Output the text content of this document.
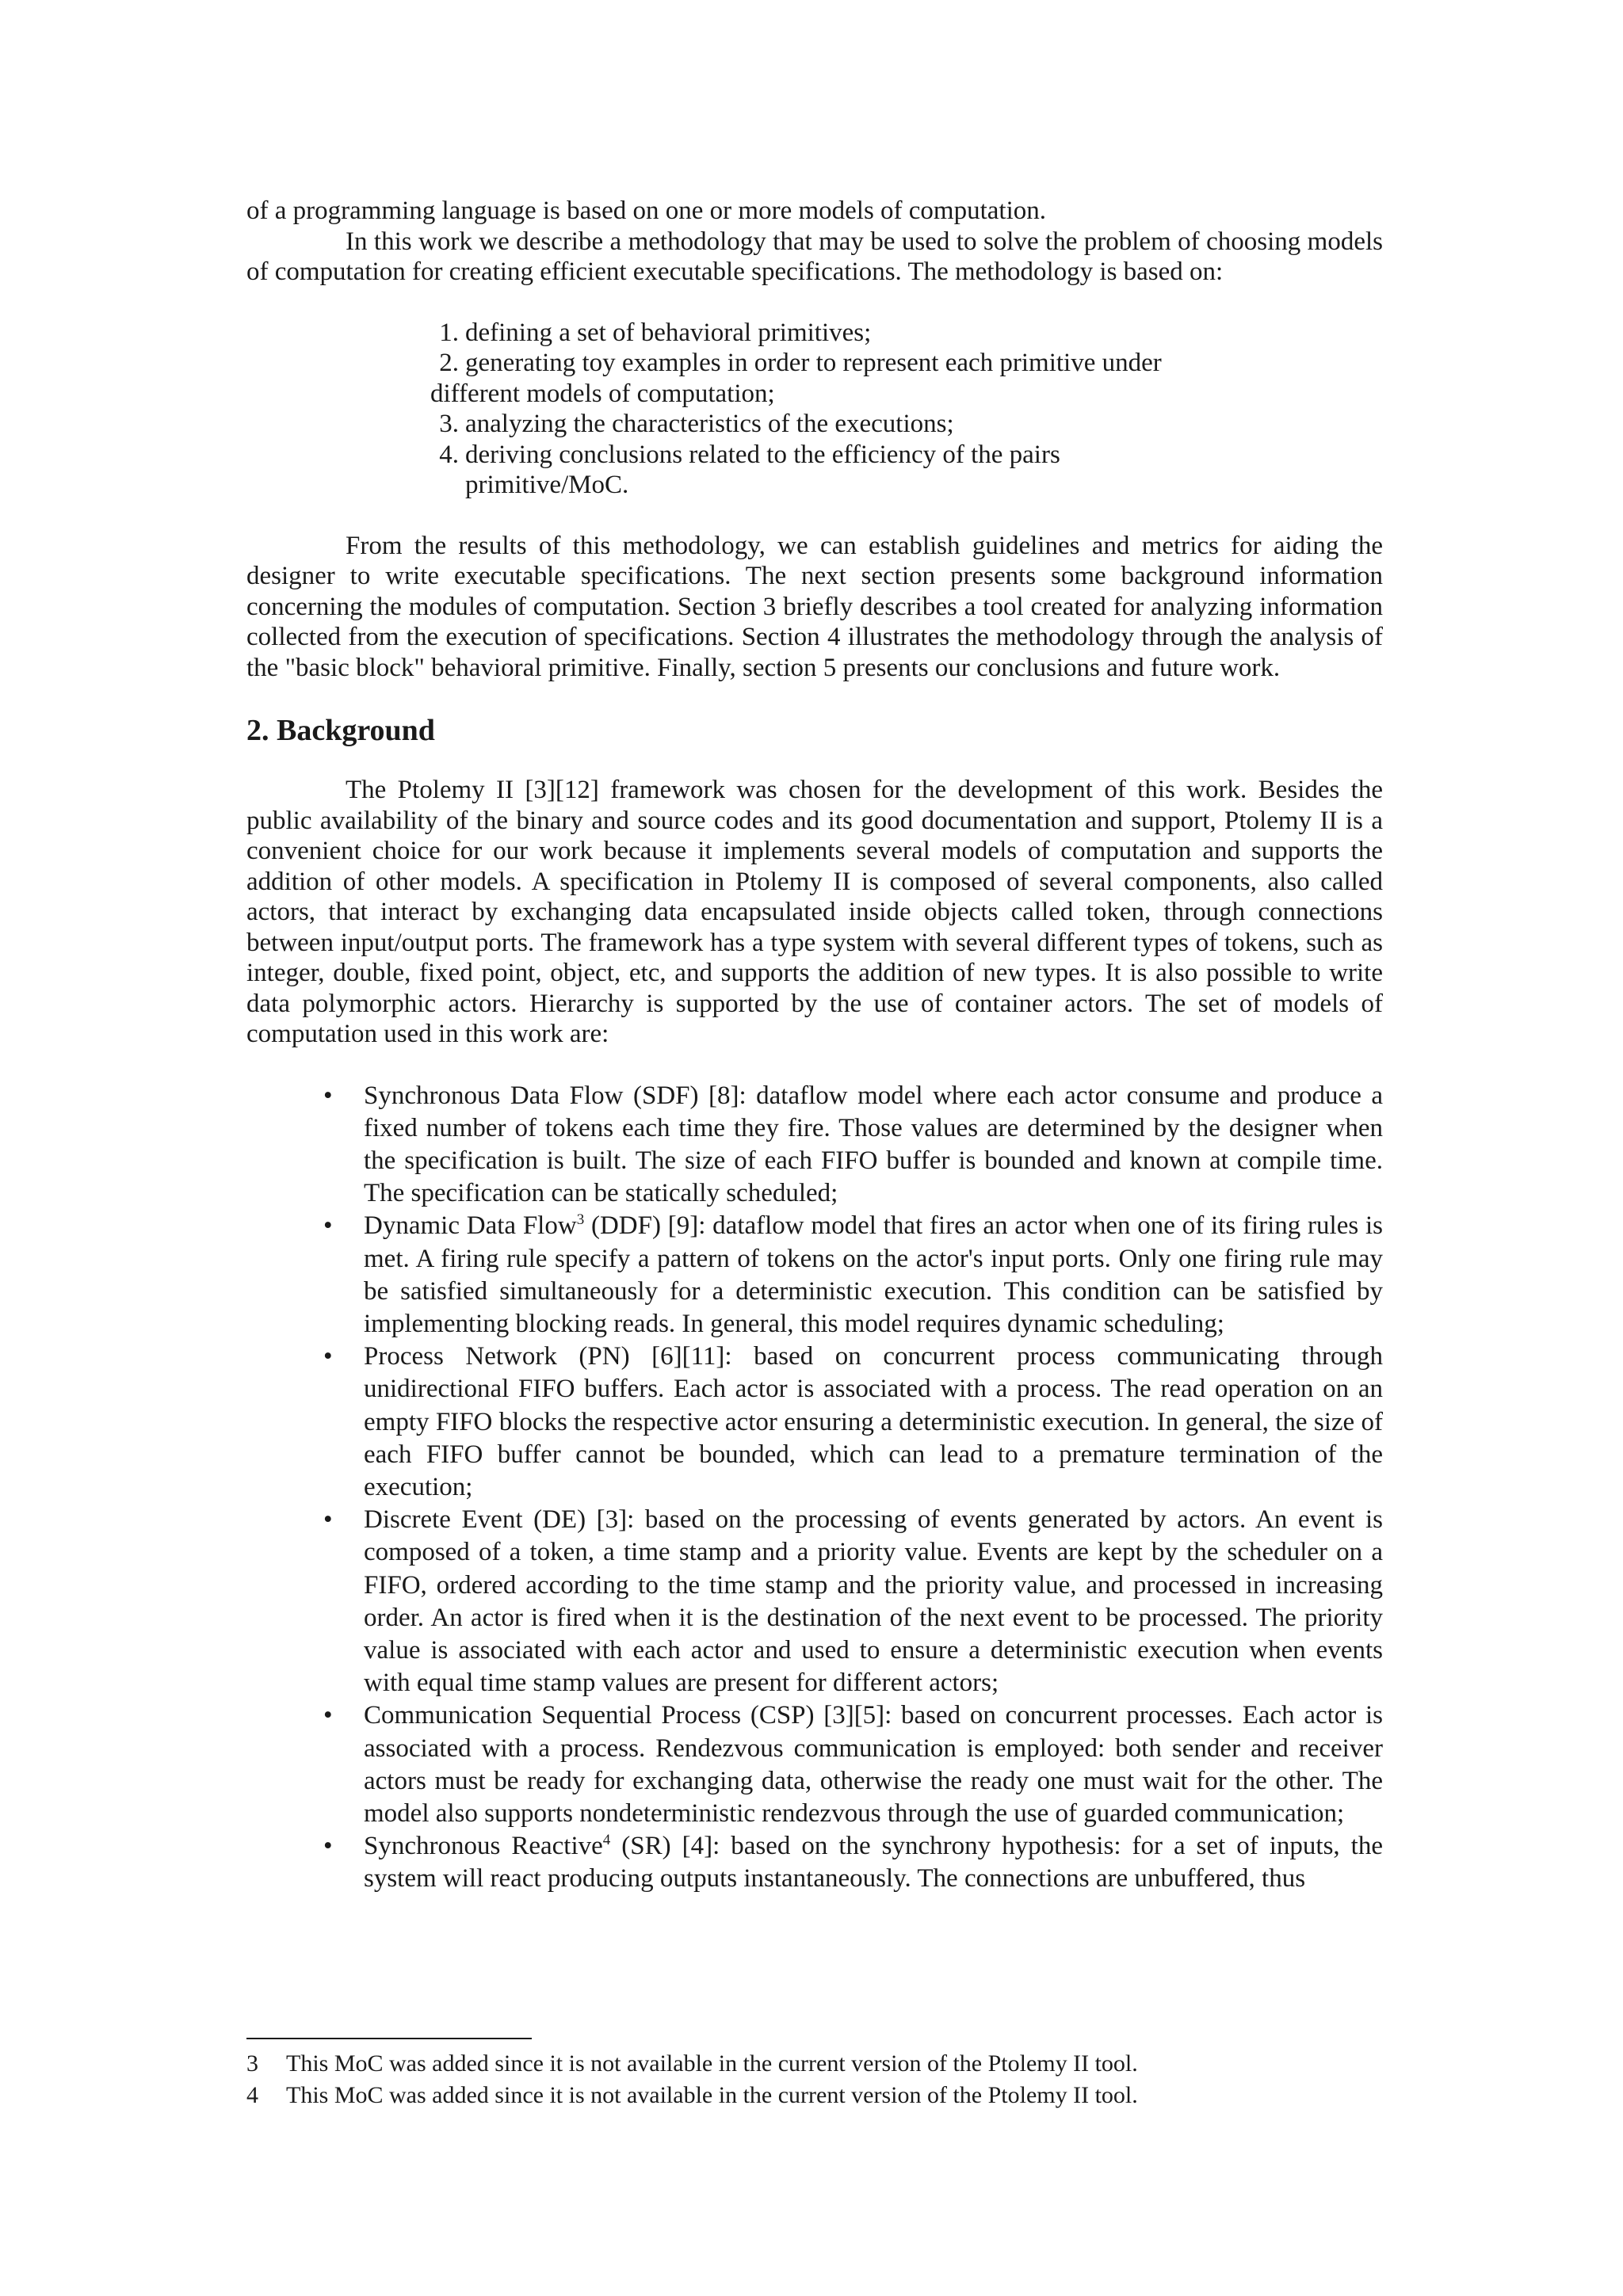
of a programming language is based on one or more models of computation.

In this work we describe a methodology that may be used to solve the problem of choosing models of computation for creating efficient executable specifications. The methodology is based on:

1. defining a set of behavioral primitives;
2. generating toy examples in order to represent each primitive under
different models of computation;
3. analyzing the characteristics of the executions;
4. deriving conclusions related to the efficiency of the pairs
primitive/MoC.

From the results of this methodology, we can establish guidelines and metrics for aiding the designer to write executable specifications. The next section presents some background information concerning the modules of computation. Section 3 briefly describes a tool created for analyzing information collected from the execution of specifications. Section 4 illustrates the methodology through the analysis of the "basic block" behavioral primitive. Finally, section 5 presents our conclusions and future work.

2. Background

The Ptolemy II [3][12] framework was chosen for the development of this work. Besides the public availability of the binary and source codes and its good documentation and support, Ptolemy II is a convenient choice for our work because it implements several models of computation and supports the addition of other models. A specification in Ptolemy II is composed of several components, also called actors, that interact by exchanging data encapsulated inside objects called token, through connections between input/output ports. The framework has a type system with several different types of tokens, such as integer, double, fixed point, object, etc, and supports the addition of new types. It is also possible to write data polymorphic actors. Hierarchy is supported by the use of container actors. The set of models of computation used in this work are:

• Synchronous Data Flow (SDF) [8]: dataflow model where each actor consume and produce a fixed number of tokens each time they fire. Those values are determined by the designer when the specification is built. The size of each FIFO buffer is bounded and known at compile time. The specification can be statically scheduled;
• Dynamic Data Flow$^3$ (DDF) [9]: dataflow model that fires an actor when one of its firing rules is met. A firing rule specify a pattern of tokens on the actor's input ports. Only one firing rule may be satisfied simultaneously for a deterministic execution. This condition can be satisfied by implementing blocking reads. In general, this model requires dynamic scheduling;
• Process Network (PN) [6][11]: based on concurrent process communicating through unidirectional FIFO buffers. Each actor is associated with a process. The read operation on an empty FIFO blocks the respective actor ensuring a deterministic execution. In general, the size of each FIFO buffer cannot be bounded, which can lead to a premature termination of the execution;
• Discrete Event (DE) [3]: based on the processing of events generated by actors. An event is composed of a token, a time stamp and a priority value. Events are kept by the scheduler on a FIFO, ordered according to the time stamp and the priority value, and processed in increasing order. An actor is fired when it is the destination of the next event to be processed. The priority value is associated with each actor and used to ensure a deterministic execution when events with equal time stamp values are present for different actors;
• Communication Sequential Process (CSP) [3][5]: based on concurrent processes. Each actor is associated with a process. Rendezvous communication is employed: both sender and receiver actors must be ready for exchanging data, otherwise the ready one must wait for the other. The model also supports nondeterministic rendezvous through the use of guarded communication;
• Synchronous Reactive$^4$ (SR) [4]: based on the synchrony hypothesis: for a set of inputs, the system will react producing outputs instantaneously. The connections are unbuffered, thus
3 This MoC was added since it is not available in the current version of the Ptolemy II tool.
4 This MoC was added since it is not available in the current version of the Ptolemy II tool.
